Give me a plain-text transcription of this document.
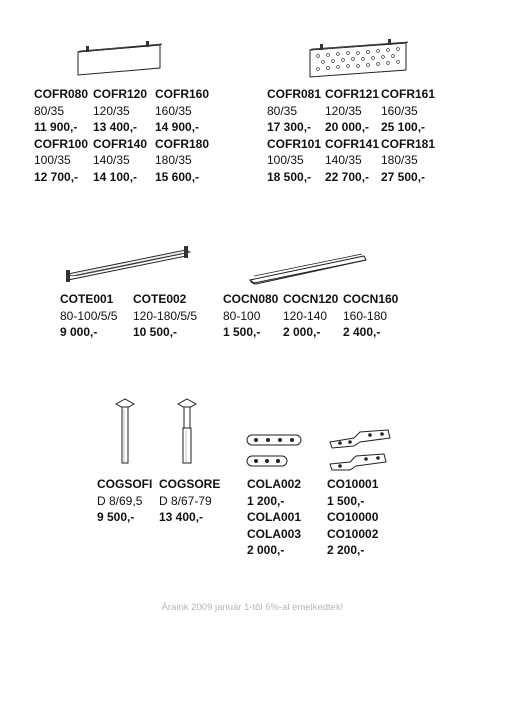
COFR080
80/35
11 900,-
COFR100
100/35
12 700,-
COFR120
120/35
13 400,-
COFR140
140/35
14 100,-
COFR160
160/35
14 900,-
COFR180
180/35
15 600,-
COFR081
80/35
17 300,-
COFR101
100/35
18 500,-
COFR121
120/35
20 000,-
COFR141
140/35
22 700,-
COFR161
160/35
25 100,-
COFR181
180/35
27 500,-
COTE001
80-100/5/5
9 000,-
COTE002
120-180/5/5
10 500,-
COCN080
80-100
1 500,-
COCN120
120-140
2 000,-
COCN160
160-180
2 400,-
COGSOFI
D 8/69,5
9 500,-
COGSORE
D 8/67-79
13 400,-
COLA002
1 200,-
COLA001
COLA003
2 000,-
CO10001
1 500,-
CO10000
CO10002
2 200,-
Áraink 2009 január 1-től 6%-al emelkedtek!
